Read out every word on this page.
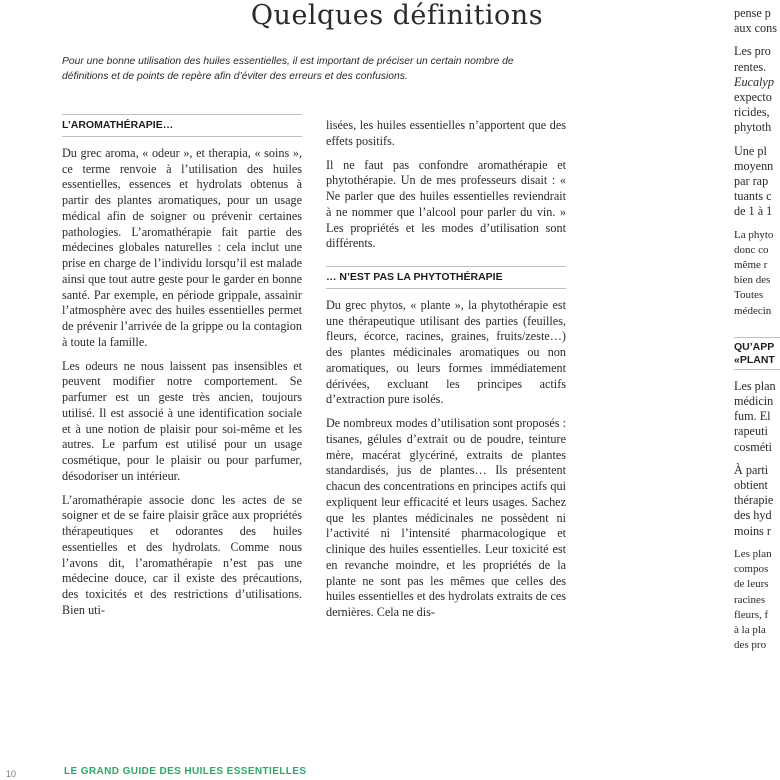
Quelques définitions
Pour une bonne utilisation des huiles essentielles, il est important de préciser un certain nombre de définitions et de points de repère afin d’éviter des erreurs et des confusions.
L’AROMATHÉRAPIE…

Du grec aroma, « odeur », et therapia, « soins », ce terme renvoie à l’utilisation des huiles essentielles, essences et hydrolats obtenus à partir des plantes aromatiques, pour un usage médical afin de soigner ou prévenir certaines pathologies. L’aromathérapie fait partie des médecines globales naturelles : cela inclut une prise en charge de l’individu lorsqu’il est malade ainsi que tout autre geste pour le garder en bonne santé. Par exemple, en période grippale, assainir l’atmosphère avec des huiles essentielles permet de prévenir l’arrivée de la grippe ou la contagion à toute la famille.

Les odeurs ne nous laissent pas insensibles et peuvent modifier notre comportement. Se parfumer est un geste très ancien, toujours utilisé. Il est associé à une identification sociale et à une notion de plaisir pour soi-même et les autres. Le parfum est utilisé pour un usage cosmétique, pour le plaisir ou pour parfumer, désodoriser un intérieur.

L’aromathérapie associe donc les actes de se soigner et de se faire plaisir grâce aux propriétés thérapeutiques et odorantes des huiles essentielles et des hydrolats. Comme nous l’avons dit, l’aromathérapie n’est pas une médecine douce, car il existe des précautions, des toxicités et des restrictions d’utilisations. Bien uti-

lisées, les huiles essentielles n’apportent que des effets positifs.

Il ne faut pas confondre aromathérapie et phytothérapie. Un de mes professeurs disait : « Ne parler que des huiles essentielles reviendrait à ne nommer que l’alcool pour parler du vin. » Les propriétés et les modes d’utilisation sont différents.

… N’EST PAS LA PHYTOTHÉRAPIE

Du grec phytos, « plante », la phytothérapie est une thérapeutique utilisant des parties (feuilles, fleurs, écorce, racines, graines, fruits/zeste…) des plantes médicinales aromatiques ou non aromatiques, ou leurs formes immédiatement dérivées, excluant les principes actifs d’extraction pure isolés.

De nombreux modes d’utilisation sont proposés : tisanes, gélules d’extrait ou de poudre, teinture mère, macérat glycériné, extraits de plantes standardisés, jus de plantes… Ils présentent chacun des concentrations en principes actifs qui expliquent leur efficacité et leurs usages. Sachez que les plantes médicinales ne possèdent ni l’activité ni l’intensité pharmacologique et clinique des huiles essentielles. Leur toxicité est en revanche moindre, et les propriétés de la plante ne sont pas les mêmes que celles des huiles essentielles et des hydrolats extraits de ces dernières. Cela ne dis-

pense p
aux cons
Les pro
rentes.
Eucalyp
expecto
ricides,
phytoth
Une pl
moyenn
par rap
tuants c
de 1 à 1
La phyto
donc co
même r
bien des
Toutes
médecin
QU’APP
«PLANT
Les plan
médicin
fum. El
rapeuti
cosméti
À parti
obtient
thérapie
des hyd
moins r
Les plan
compos
de leurs
racines
fleurs, f
à la pla
des pro
10	LE GRAND GUIDE DES HUILES ESSENTIELLES
